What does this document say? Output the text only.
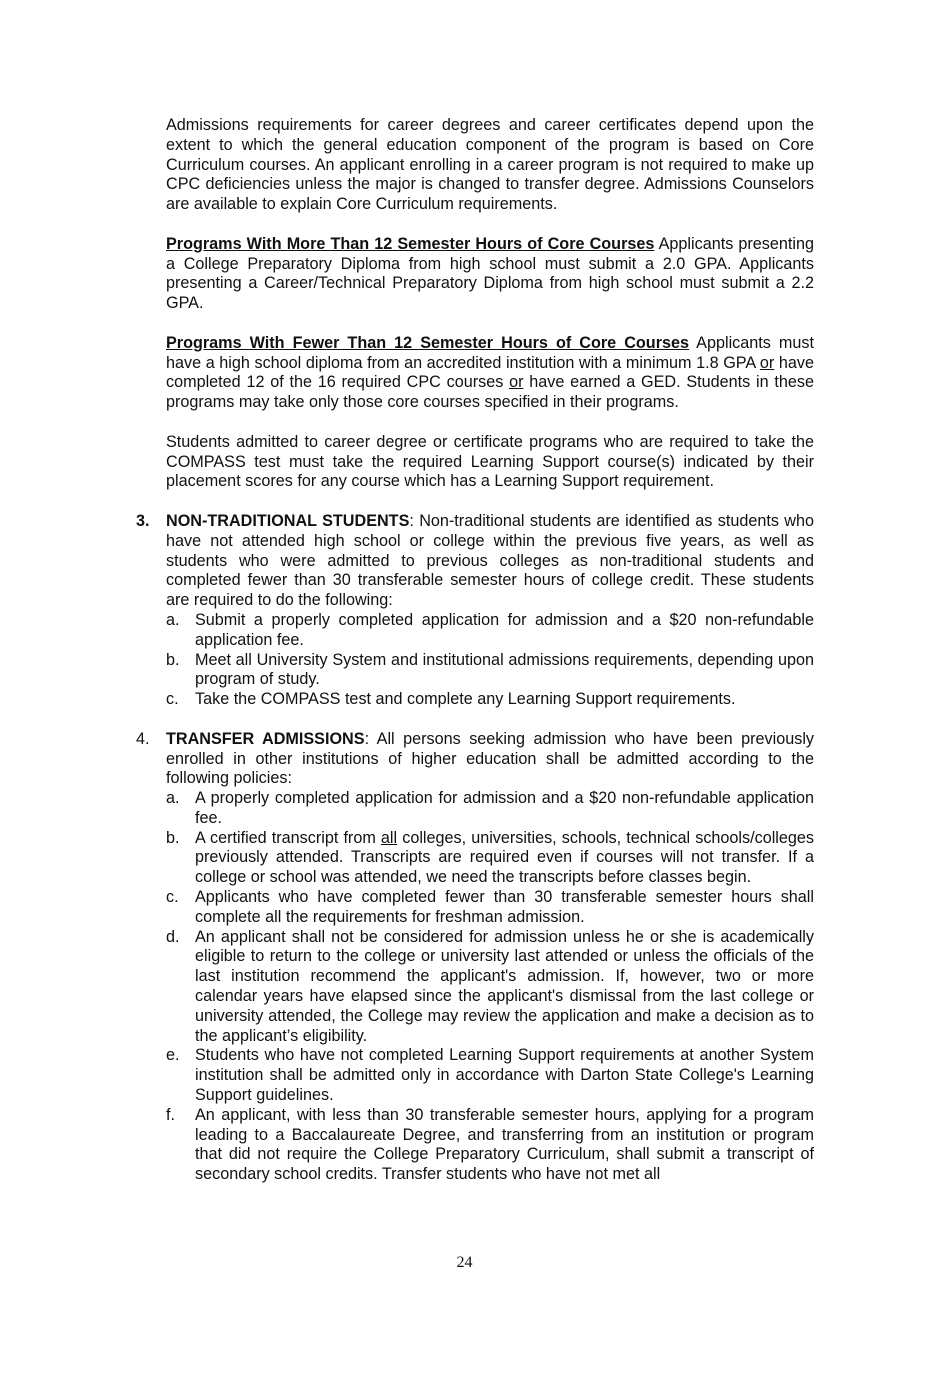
Admissions requirements for career degrees and career certificates depend upon the extent to which the general education component of the program is based on Core Curriculum courses. An applicant enrolling in a career program is not required to make up CPC deficiencies unless the major is changed to transfer degree. Admissions Counselors are available to explain Core Curriculum requirements.

Programs With More Than 12 Semester Hours of Core Courses Applicants presenting a College Preparatory Diploma from high school must submit a 2.0 GPA. Applicants presenting a Career/Technical Preparatory Diploma from high school must submit a 2.2 GPA.

Programs With Fewer Than 12 Semester Hours of Core Courses Applicants must have a high school diploma from an accredited institution with a minimum 1.8 GPA or have completed 12 of the 16 required CPC courses or have earned a GED. Students in these programs may take only those core courses specified in their programs.

Students admitted to career degree or certificate programs who are required to take the COMPASS test must take the required Learning Support course(s) indicated by their placement scores for any course which has a Learning Support requirement.

3. NON-TRADITIONAL STUDENTS: Non-traditional students are identified as students who have not attended high school or college within the previous five years, as well as students who were admitted to previous colleges as non-traditional students and completed fewer than 30 transferable semester hours of college credit. These students are required to do the following:

a. Submit a properly completed application for admission and a $20 non-refundable application fee.

b. Meet all University System and institutional admissions requirements, depending upon program of study.

c. Take the COMPASS test and complete any Learning Support requirements.

4. TRANSFER ADMISSIONS: All persons seeking admission who have been previously enrolled in other institutions of higher education shall be admitted according to the following policies:

a. A properly completed application for admission and a $20 non-refundable application fee.

b. A certified transcript from all colleges, universities, schools, technical schools/colleges previously attended. Transcripts are required even if courses will not transfer. If a college or school was attended, we need the transcripts before classes begin.

c. Applicants who have completed fewer than 30 transferable semester hours shall complete all the requirements for freshman admission.

d. An applicant shall not be considered for admission unless he or she is academically eligible to return to the college or university last attended or unless the officials of the last institution recommend the applicant's admission. If, however, two or more calendar years have elapsed since the applicant's dismissal from the last college or university attended, the College may review the application and make a decision as to the applicant’s eligibility.

e. Students who have not completed Learning Support requirements at another System institution shall be admitted only in accordance with Darton State College's Learning Support guidelines.

f. An applicant, with less than 30 transferable semester hours, applying for a program leading to a Baccalaureate Degree, and transferring from an institution or program that did not require the College Preparatory Curriculum, shall submit a transcript of secondary school credits. Transfer students who have not met all

24
